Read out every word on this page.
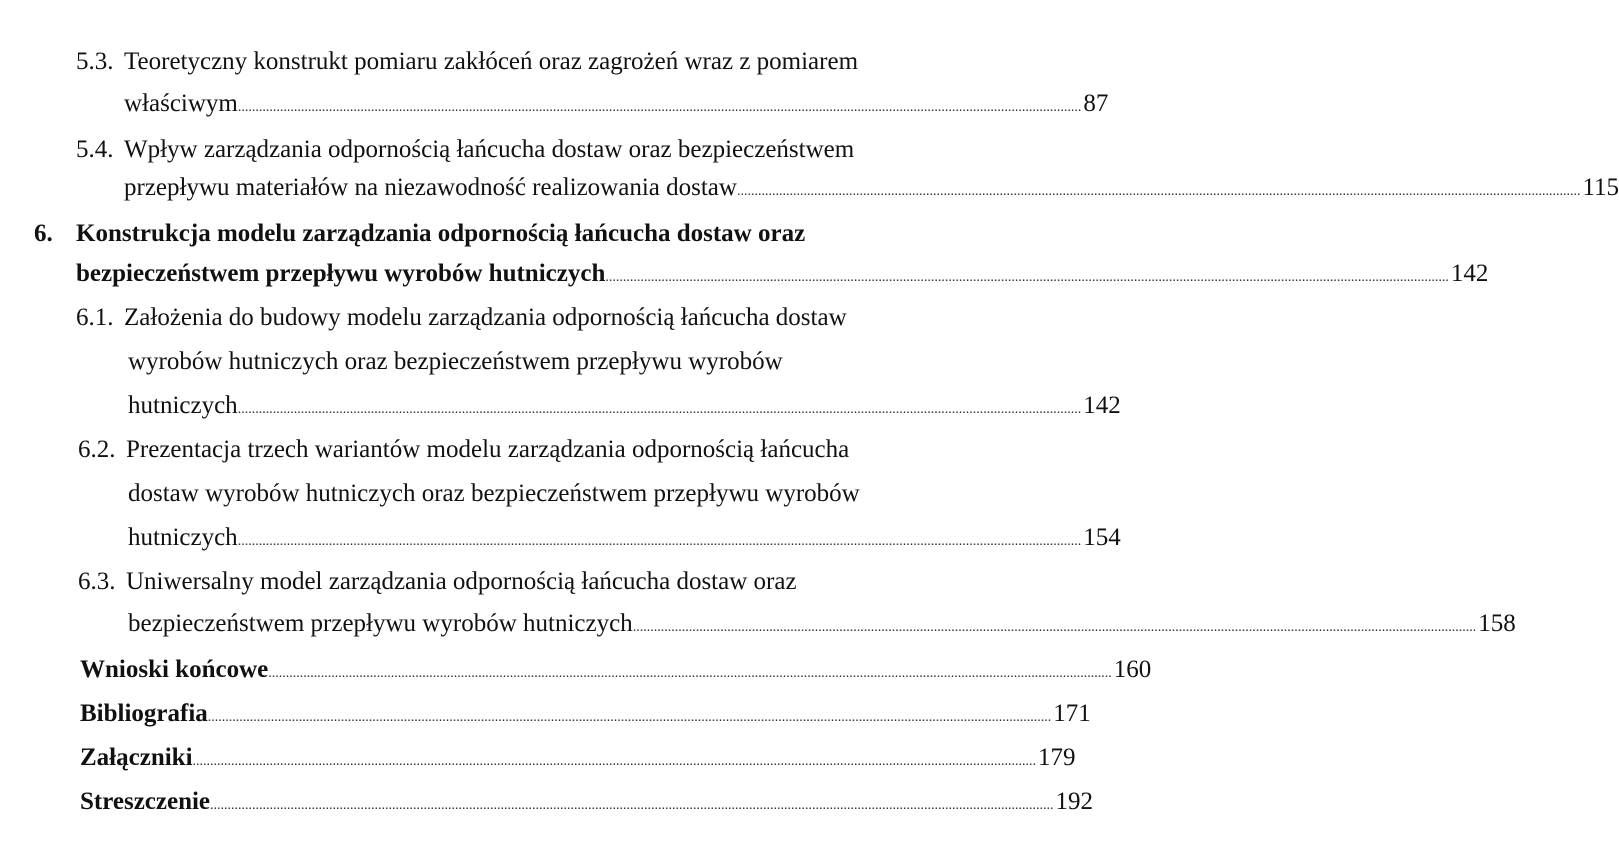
5.3. Teoretyczny konstrukt pomiaru zakłóceń oraz zagrożeń wraz z pomiarem
właściwym ................................................................................................................................................................................................................................................. 87
5.4. Wpływ zarządzania odpornością łańcucha dostaw oraz bezpieczeństwem
przepływu materiałów na niezawodność realizowania dostaw ................................................................................................................................................................................................................................................. 115
6. Konstrukcja modelu zarządzania odpornością łańcucha dostaw oraz
bezpieczeństwem przepływu wyrobów hutniczych ................................................................................................................................................................................................................................................. 142
6.1. Założenia do budowy modelu zarządzania odpornością łańcucha dostaw
wyrobów hutniczych oraz bezpieczeństwem przepływu wyrobów
hutniczych ................................................................................................................................................................................................................................................. 142
6.2. Prezentacja trzech wariantów modelu zarządzania odpornością łańcucha
dostaw wyrobów hutniczych oraz bezpieczeństwem przepływu wyrobów
hutniczych ................................................................................................................................................................................................................................................. 154
6.3. Uniwersalny model zarządzania odpornością łańcucha dostaw oraz
bezpieczeństwem przepływu wyrobów hutniczych ................................................................................................................................................................................................................................................. 158
Wnioski końcowe ................................................................................................................................................................................................................................................. 160
Bibliografia ................................................................................................................................................................................................................................................. 171
Załączniki ................................................................................................................................................................................................................................................. 179
Streszczenie ................................................................................................................................................................................................................................................. 192
